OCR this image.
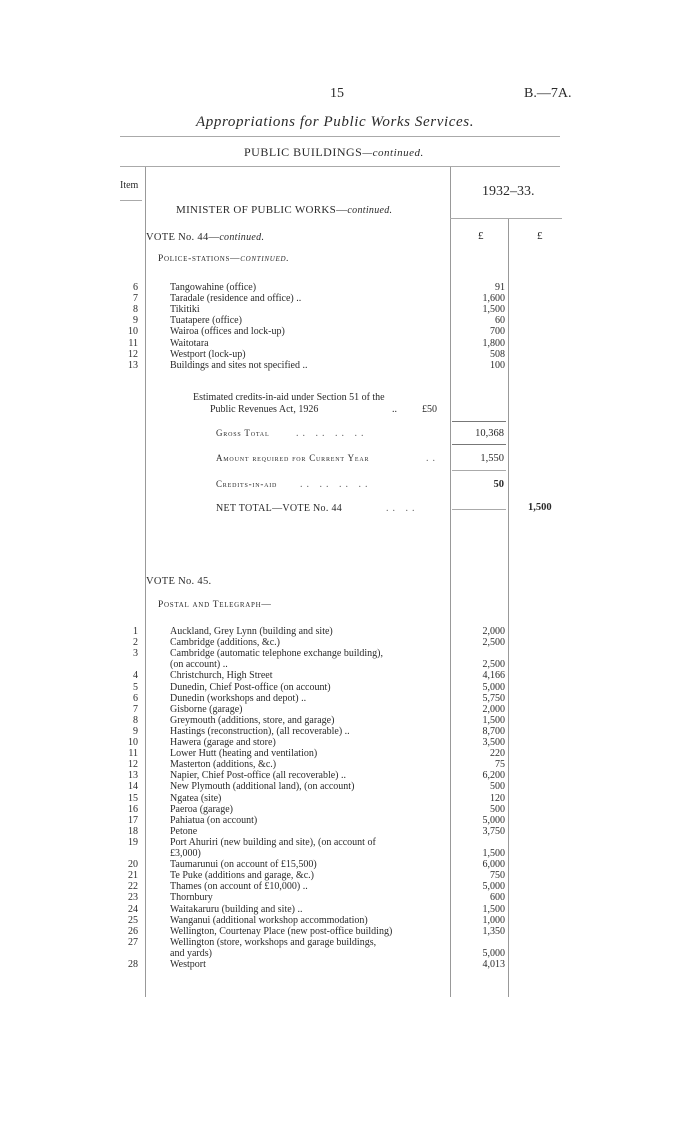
15	B.—7A.
Appropriations for Public Works Services.
PUBLIC BUILDINGS—continued.
Item	1932–33.
MINISTER OF PUBLIC WORKS—continued.
£	£
VOTE No. 44—continued.
Police-stations—continued.
6	Tangowahine (office)	91
7	Taradale (residence and office) ..	1,600
8	Tikitiki	1,500
9	Tuatapere (office)	60
10	Wairoa (offices and lock-up)	700
11	Waitotara	1,800
12	Westport (lock-up)	508
13	Buildings and sites not specified ..	100
Estimated credits-in-aid under Section 51 of the
Public Revenues Act, 1926	..	£50
Gross Total	.. .. .. ..	10,368
Amount required for Current Year	..	1,550
Credits-in-aid .. .. .. ..	50
NET TOTAL—VOTE No. 44	.. ..	1,500
VOTE No. 45.
Postal and Telegraph—
1	Auckland, Grey Lynn (building and site)	2,000
2	Cambridge (additions, &c.)	2,500
3	Cambridge (automatic telephone exchange building),
(on account) ..	2,500
4	Christchurch, High Street	4,166
5	Dunedin, Chief Post-office (on account)	5,000
6	Dunedin (workshops and depot) ..	5,750
7	Gisborne (garage)	2,000
8	Greymouth (additions, store, and garage)	1,500
9	Hastings (reconstruction), (all recoverable) ..	8,700
10	Hawera (garage and store)	3,500
11	Lower Hutt (heating and ventilation)	220
12	Masterton (additions, &c.)	75
13	Napier, Chief Post-office (all recoverable) ..	6,200
14	New Plymouth (additional land), (on account)	500
15	Ngatea (site)	120
16	Paeroa (garage)	500
17	Pahiatua (on account)	5,000
18	Petone	3,750
19	Port Ahuriri (new building and site), (on account of
£3,000)	1,500
20	Taumarunui (on account of £15,500)	6,000
21	Te Puke (additions and garage, &c.)	750
22	Thames (on account of £10,000) ..	5,000
23	Thornbury	600
24	Waitakaruru (building and site) ..	1,500
25	Wanganui (additional workshop accommodation)	1,000
26	Wellington, Courtenay Place (new post-office building)	1,350
27	Wellington (store, workshops and garage buildings,
and yards)	5,000
28	Westport	4,013
